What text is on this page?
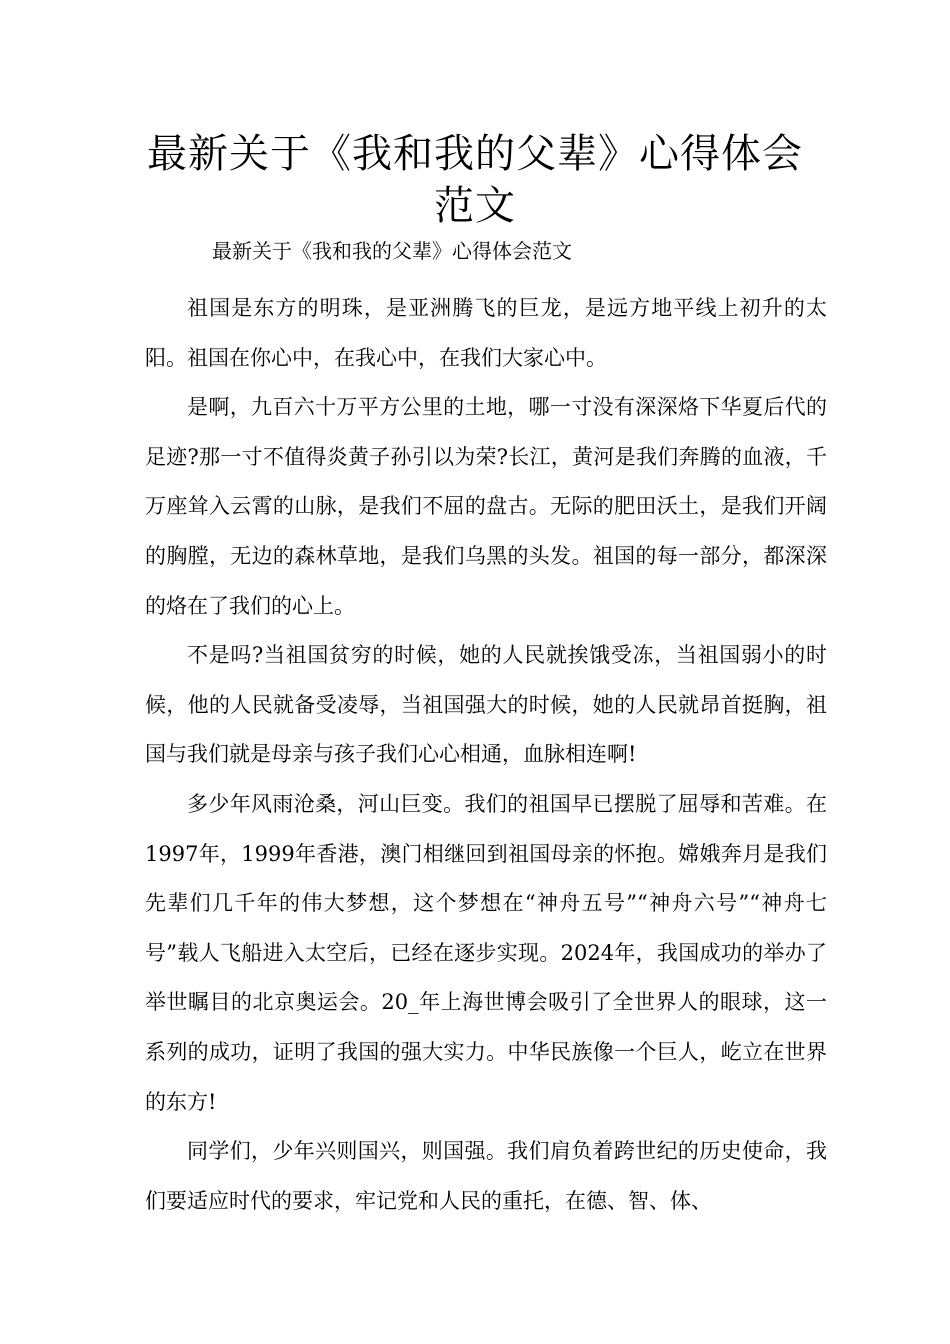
最新关于《我和我的父辈》心得体会范文

最新关于《我和我的父辈》心得体会范文

祖国是东方的明珠，是亚洲腾飞的巨龙，是远方地平线上初升的太阳。祖国在你心中，在我心中，在我们大家心中。

是啊，九百六十万平方公里的土地，哪一寸没有深深烙下华夏后代的足迹?那一寸不值得炎黄子孙引以为荣?长江，黄河是我们奔腾的血液，千万座耸入云霄的山脉，是我们不屈的盘古。无际的肥田沃土，是我们开阔的胸膛，无边的森林草地，是我们乌黑的头发。祖国的每一部分，都深深的烙在了我们的心上。

不是吗?当祖国贫穷的时候，她的人民就挨饿受冻，当祖国弱小的时候，他的人民就备受凌辱，当祖国强大的时候，她的人民就昂首挺胸，祖国与我们就是母亲与孩子我们心心相通，血脉相连啊!

多少年风雨沧桑，河山巨变。我们的祖国早已摆脱了屈辱和苦难。在1997年，1999年香港，澳门相继回到祖国母亲的怀抱。嫦娥奔月是我们先辈们几千年的伟大梦想，这个梦想在“神舟五号”“神舟六号”“神舟七号”载人飞船进入太空后，已经在逐步实现。2024年，我国成功的举办了举世瞩目的北京奥运会。20_年上海世博会吸引了全世界人的眼球，这一系列的成功，证明了我国的强大实力。中华民族像一个巨人，屹立在世界的东方!

同学们，少年兴则国兴，则国强。我们肩负着跨世纪的历史使命，我们要适应时代的要求，牢记党和人民的重托，在德、智、体、
